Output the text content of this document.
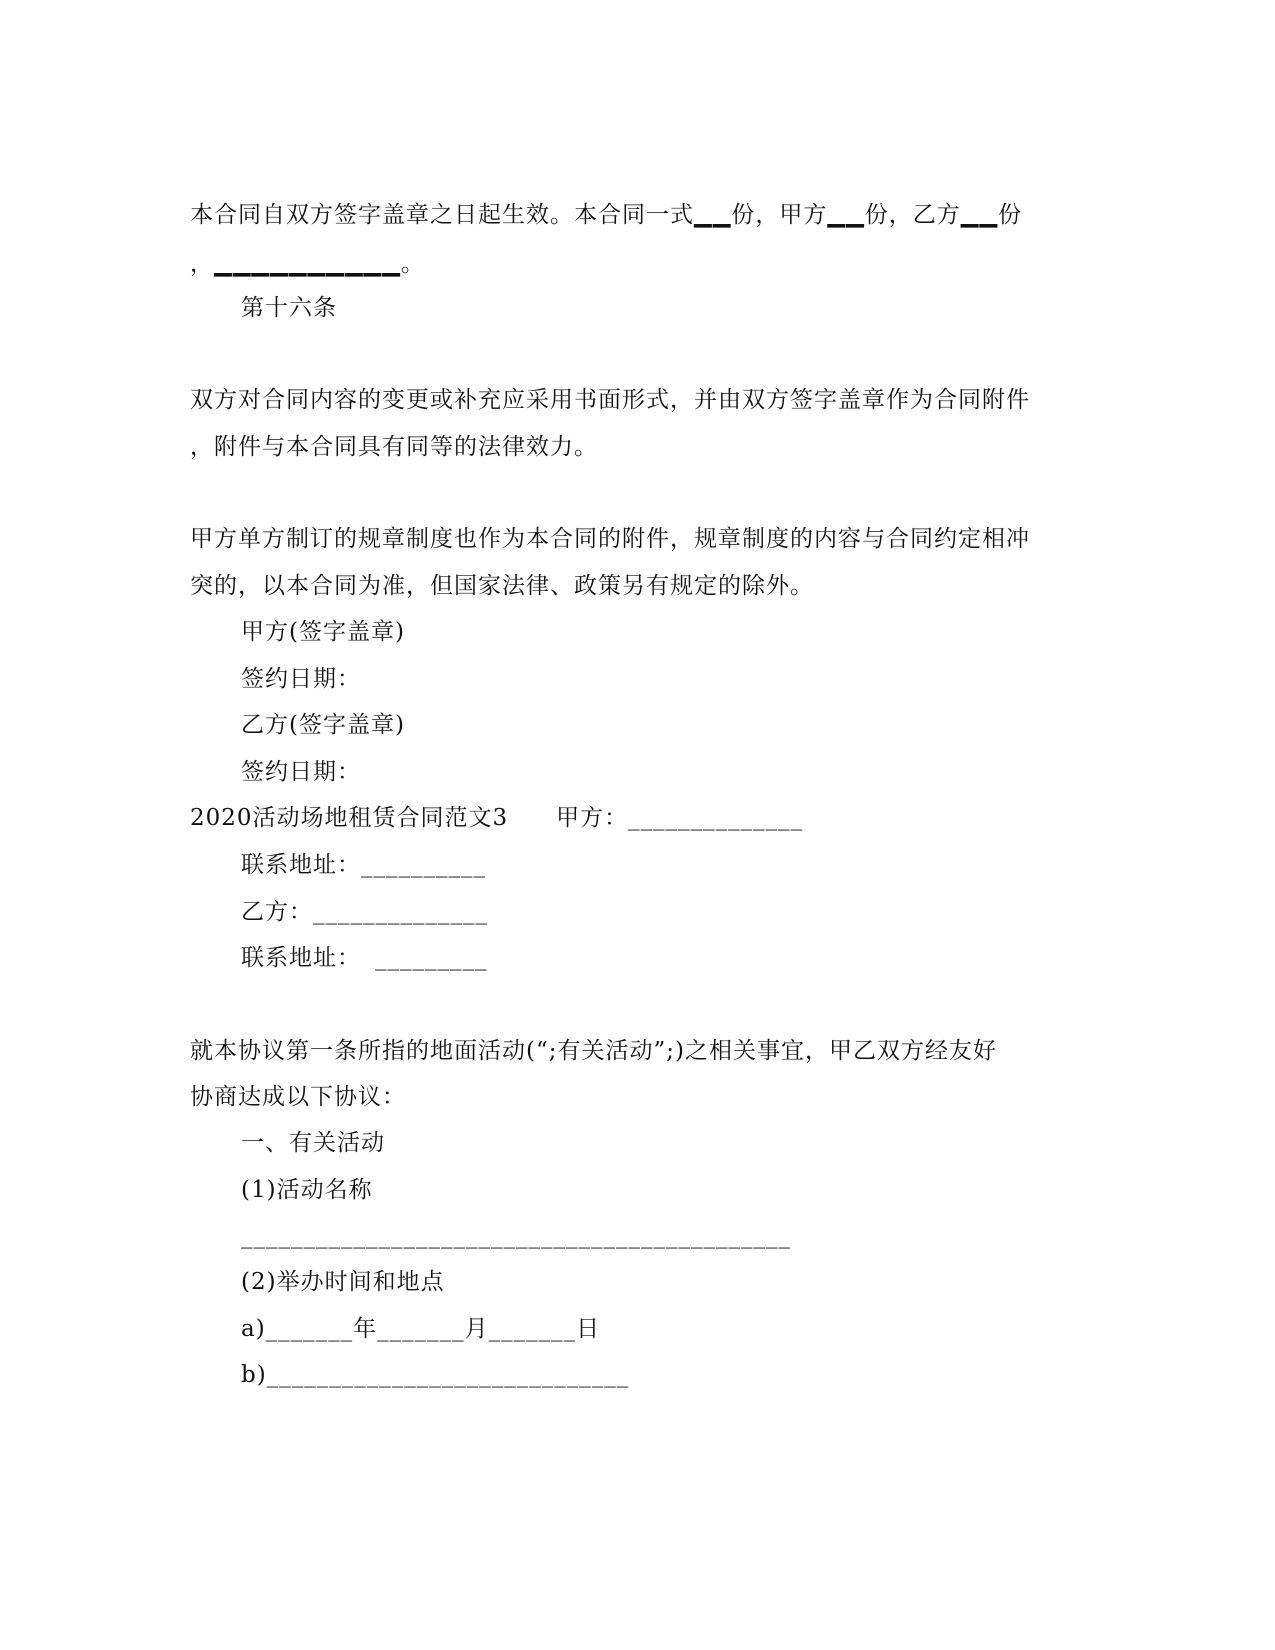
本合同自双方签字盖章之日起生效。本合同一式▁▁份，甲方▁▁份，乙方▁▁份
，▁▁▁▁▁▁▁▁▁▁。
第十六条
双方对合同内容的变更或补充应采用书面形式，并由双方签字盖章作为合同附件
，附件与本合同具有同等的法律效力。
甲方单方制订的规章制度也作为本合同的附件，规章制度的内容与合同约定相冲
突的，以本合同为准，但国家法律、政策另有规定的除外。
甲方(签字盖章)
签约日期：
乙方(签字盖章)
签约日期：
2020活动场地租赁合同范文3 甲方：______________
联系地址：__________
乙方：______________
联系地址： _________
就本协议第一条所指的地面活动(“;有关活动”;)之相关事宜，甲乙双方经友好
协商达成以下协议：
一、有关活动
(1)活动名称
____________________________________________
(2)举办时间和地点
a)_______年_______月_______日
b)_____________________________
